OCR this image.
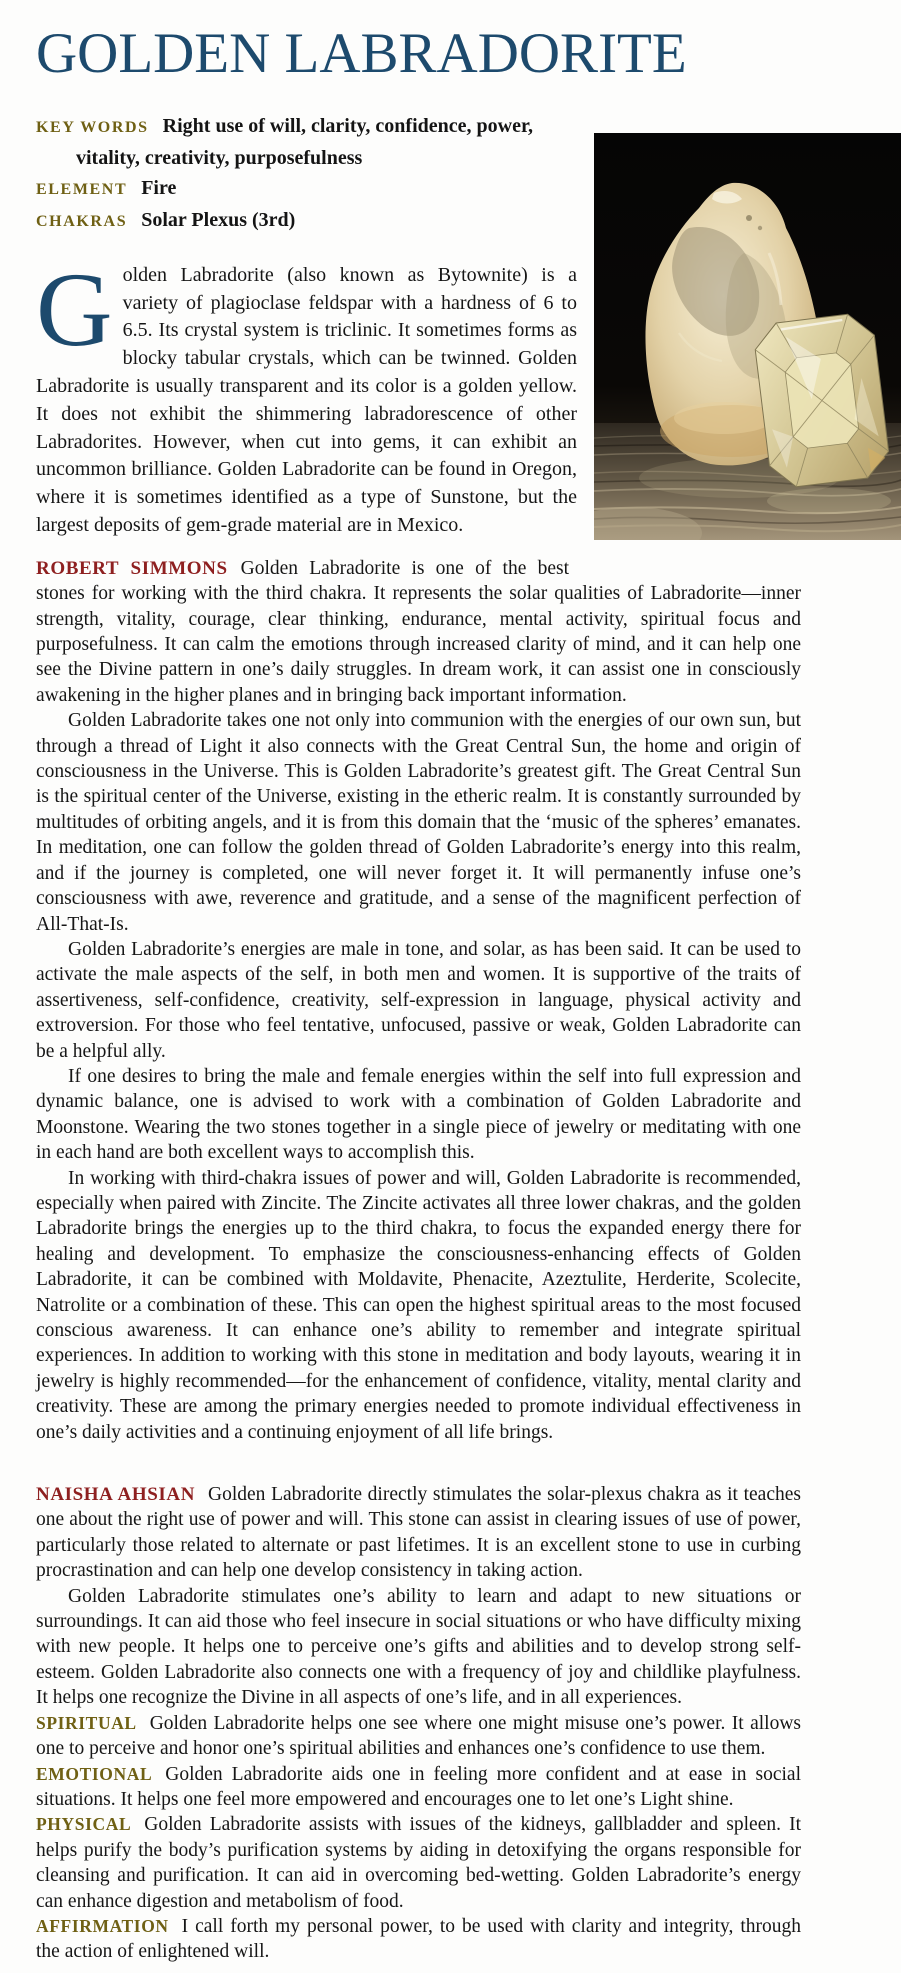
GOLDEN LABRADORITE
KEY WORDS Right use of will, clarity, confidence, power, vitality, creativity, purposefulness
ELEMENT Fire
CHAKRAS Solar Plexus (3rd)
Golden Labradorite (also known as Bytownite) is a variety of plagioclase feldspar with a hardness of 6 to 6.5. Its crystal system is triclinic. It sometimes forms as blocky tabular crystals, which can be twinned. Golden Labradorite is usually transparent and its color is a golden yellow. It does not exhibit the shimmering labradorescence of other Labradorites. However, when cut into gems, it can exhibit an uncommon brilliance. Golden Labradorite can be found in Oregon, where it is sometimes identified as a type of Sunstone, but the largest deposits of gem-grade material are in Mexico.

ROBERT SIMMONS Golden Labradorite is one of the best stones for working with the third chakra. It represents the solar qualities of Labradorite—inner strength, vitality, courage, clear thinking, endurance, mental activity, spiritual focus and purposefulness. It can calm the emotions through increased clarity of mind, and it can help one see the Divine pattern in one’s daily struggles. In dream work, it can assist one in consciously awakening in the higher planes and in bringing back important information.

Golden Labradorite takes one not only into communion with the energies of our own sun, but through a thread of Light it also connects with the Great Central Sun, the home and origin of consciousness in the Universe. This is Golden Labradorite’s greatest gift. The Great Central Sun is the spiritual center of the Universe, existing in the etheric realm. It is constantly surrounded by multitudes of orbiting angels, and it is from this domain that the ‘music of the spheres’ emanates. In meditation, one can follow the golden thread of Golden Labradorite’s energy into this realm, and if the journey is completed, one will never forget it. It will permanently infuse one’s consciousness with awe, reverence and gratitude, and a sense of the magnificent perfection of All-That-Is.

Golden Labradorite’s energies are male in tone, and solar, as has been said. It can be used to activate the male aspects of the self, in both men and women. It is supportive of the traits of assertiveness, self-confidence, creativity, self-expression in language, physical activity and extroversion. For those who feel tentative, unfocused, passive or weak, Golden Labradorite can be a helpful ally.

If one desires to bring the male and female energies within the self into full expression and dynamic balance, one is advised to work with a combination of Golden Labradorite and Moonstone. Wearing the two stones together in a single piece of jewelry or meditating with one in each hand are both excellent ways to accomplish this.

In working with third-chakra issues of power and will, Golden Labradorite is recommended, especially when paired with Zincite. The Zincite activates all three lower chakras, and the golden Labradorite brings the energies up to the third chakra, to focus the expanded energy there for healing and development. To emphasize the consciousness-enhancing effects of Golden Labradorite, it can be combined with Moldavite, Phenacite, Azeztulite, Herderite, Scolecite, Natrolite or a combination of these. This can open the highest spiritual areas to the most focused conscious awareness. It can enhance one’s ability to remember and integrate spiritual experiences. In addition to working with this stone in meditation and body layouts, wearing it in jewelry is highly recommended—for the enhancement of confidence, vitality, mental clarity and creativity. These are among the primary energies needed to promote individual effectiveness in one’s daily activities and a continuing enjoyment of all life brings.

NAISHA AHSIAN Golden Labradorite directly stimulates the solar-plexus chakra as it teaches one about the right use of power and will. This stone can assist in clearing issues of use of power, particularly those related to alternate or past lifetimes. It is an excellent stone to use in curbing procrastination and can help one develop consistency in taking action.

Golden Labradorite stimulates one’s ability to learn and adapt to new situations or surroundings. It can aid those who feel insecure in social situations or who have difficulty mixing with new people. It helps one to perceive one’s gifts and abilities and to develop strong self-esteem. Golden Labradorite also connects one with a frequency of joy and childlike playfulness. It helps one recognize the Divine in all aspects of one’s life, and in all experiences.

SPIRITUAL Golden Labradorite helps one see where one might misuse one’s power. It allows one to perceive and honor one’s spiritual abilities and enhances one’s confidence to use them.

EMOTIONAL Golden Labradorite aids one in feeling more confident and at ease in social situations. It helps one feel more empowered and encourages one to let one’s Light shine.

PHYSICAL Golden Labradorite assists with issues of the kidneys, gallbladder and spleen. It helps purify the body’s purification systems by aiding in detoxifying the organs responsible for cleansing and purification. It can aid in overcoming bed-wetting. Golden Labradorite’s energy can enhance digestion and metabolism of food.

AFFIRMATION I call forth my personal power, to be used with clarity and integrity, through the action of enlightened will.
